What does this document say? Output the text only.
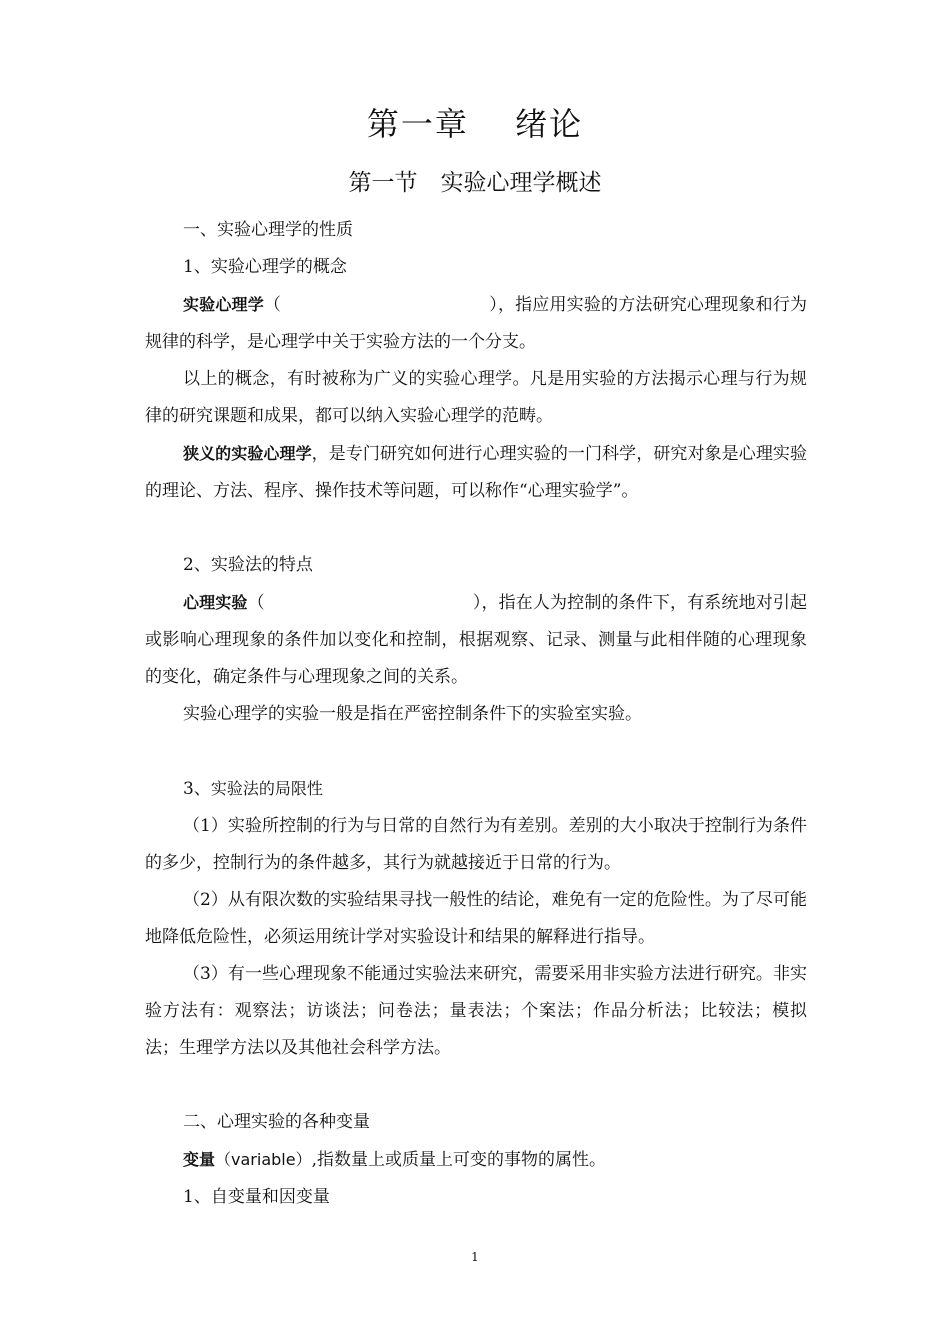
第一章　 绪论
第一节　实验心理学概述

一、实验心理学的性质

1、实验心理学的概念

实验心理学（	），指应用实验的方法研究心理现象和行为规律的科学，是心理学中关于实验方法的一个分支。

以上的概念，有时被称为广义的实验心理学。凡是用实验的方法揭示心理与行为规律的研究课题和成果，都可以纳入实验心理学的范畴。

狭义的实验心理学，是专门研究如何进行心理实验的一门科学，研究对象是心理实验的理论、方法、程序、操作技术等问题，可以称作“心理实验学”。

2、实验法的特点

心理实验（	），指在人为控制的条件下，有系统地对引起或影响心理现象的条件加以变化和控制，根据观察、记录、测量与此相伴随的心理现象的变化，确定条件与心理现象之间的关系。

实验心理学的实验一般是指在严密控制条件下的实验室实验。

3、实验法的局限性

（1）实验所控制的行为与日常的自然行为有差别。差别的大小取决于控制行为条件的多少，控制行为的条件越多，其行为就越接近于日常的行为。

（2）从有限次数的实验结果寻找一般性的结论，难免有一定的危险性。为了尽可能地降低危险性，必须运用统计学对实验设计和结果的解释进行指导。

（3）有一些心理现象不能通过实验法来研究，需要采用非实验方法进行研究。非实验方法有：观察法；访谈法；问卷法；量表法；个案法；作品分析法；比较法；模拟法；生理学方法以及其他社会科学方法。

二、心理实验的各种变量

变量（variable）,指数量上或质量上可变的事物的属性。

1、自变量和因变量

1
